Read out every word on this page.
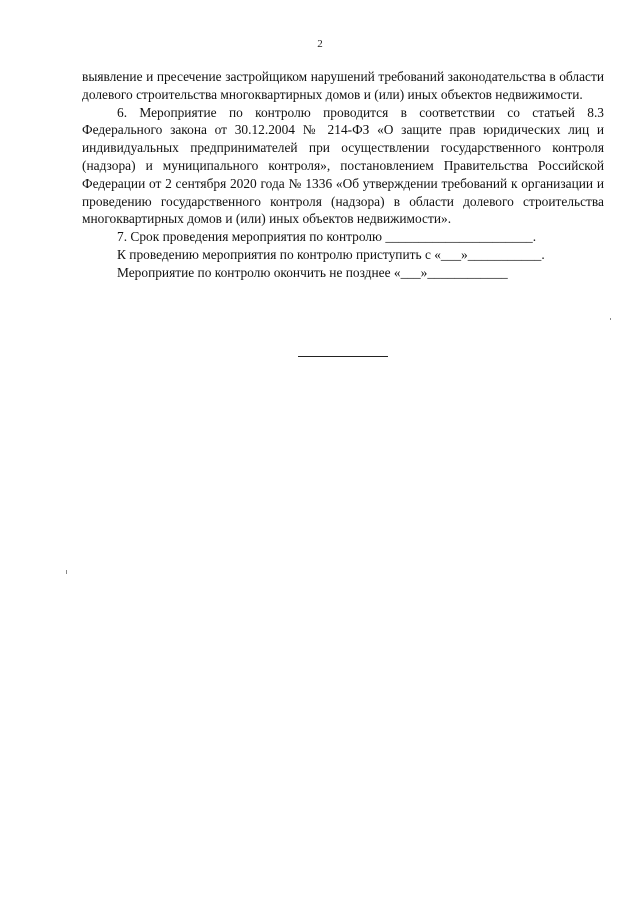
2

выявление и пресечение застройщиком нарушений требований законодательства в области долевого строительства многоквартирных домов и (или) иных объектов недвижимости.

6. Мероприятие по контролю проводится в соответствии со статьей 8.3 Федерального закона от 30.12.2004 № 214-ФЗ «О защите прав юридических лиц и индивидуальных предпринимателей при осуществлении государственного контроля (надзора) и муниципального контроля», постановлением Правительства Российской Федерации от 2 сентября 2020 года № 1336 «Об утверждении требований к организации и проведению государственного контроля (надзора) в области долевого строительства многоквартирных домов и (или) иных объектов недвижимости».

7. Срок проведения мероприятия по контролю ______________________.

К проведению мероприятия по контролю приступить с «___»___________.

Мероприятие по контролю окончить не позднее «___»____________
